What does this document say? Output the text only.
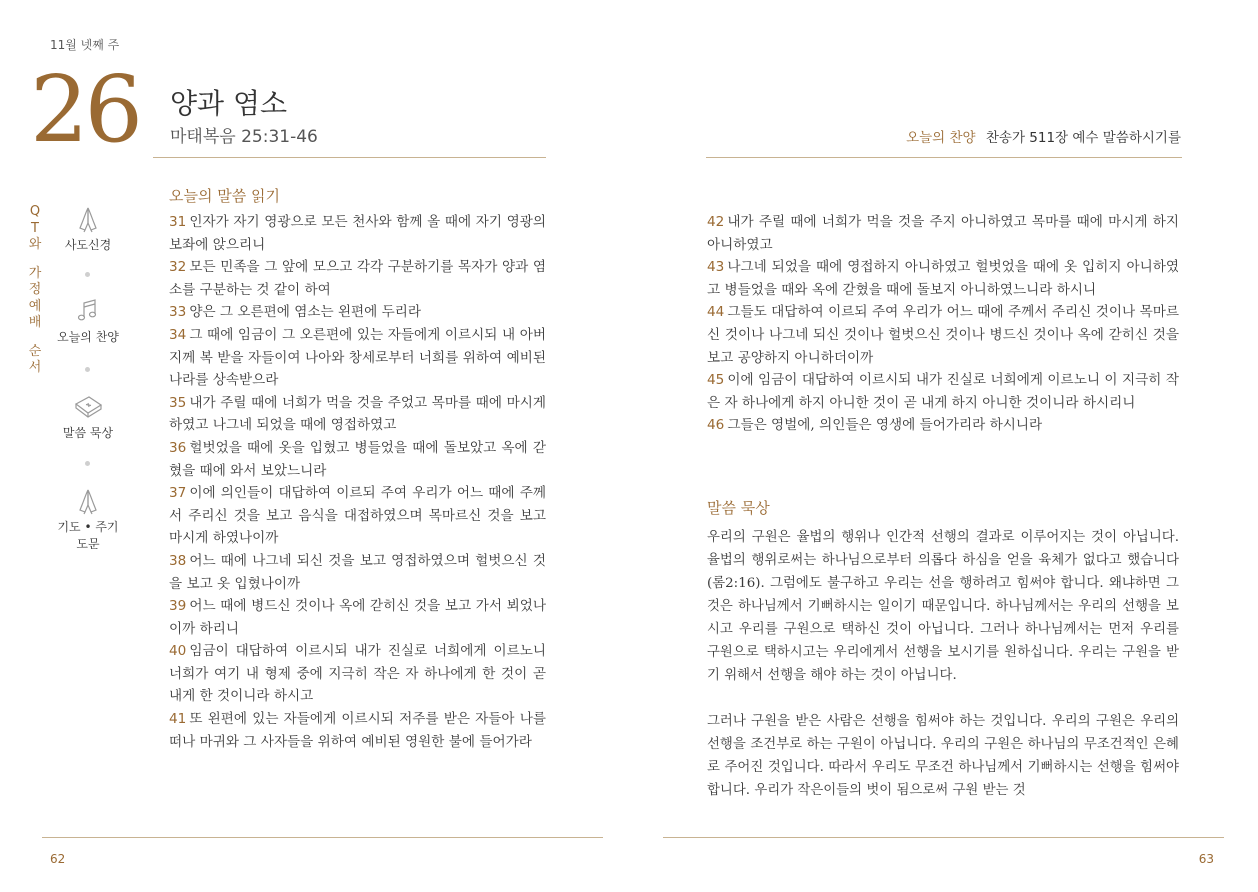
11월 넷째 주
26 양과 염소
마태복음 25:31-46	오늘의 찬양 찬송가 511장 예수 말씀하시기를
Q
T
와
가
정
예
배
순
서
사도신경
오늘의 찬양
말씀 묵상
기도 • 주기도문
오늘의 말씀 읽기

31 인자가 자기 영광으로 모든 천사와 함께 올 때에 자기 영광의 보좌에 앉으리니

32 모든 민족을 그 앞에 모으고 각각 구분하기를 목자가 양과 염소를 구분하는 것 같이 하여

33 양은 그 오른편에 염소는 왼편에 두리라

34 그 때에 임금이 그 오른편에 있는 자들에게 이르시되 내 아버지께 복 받을 자들이여 나아와 창세로부터 너희를 위하여 예비된 나라를 상속받으라

35 내가 주릴 때에 너희가 먹을 것을 주었고 목마를 때에 마시게 하였고 나그네 되었을 때에 영접하였고

36 헐벗었을 때에 옷을 입혔고 병들었을 때에 돌보았고 옥에 갇혔을 때에 와서 보았느니라

37 이에 의인들이 대답하여 이르되 주여 우리가 어느 때에 주께서 주리신 것을 보고 음식을 대접하였으며 목마르신 것을 보고 마시게 하였나이까

38 어느 때에 나그네 되신 것을 보고 영접하였으며 헐벗으신 것을 보고 옷 입혔나이까

39 어느 때에 병드신 것이나 옥에 갇히신 것을 보고 가서 뵈었나이까 하리니

40 임금이 대답하여 이르시되 내가 진실로 너희에게 이르노니 너희가 여기 내 형제 중에 지극히 작은 자 하나에게 한 것이 곧 내게 한 것이니라 하시고

41 또 왼편에 있는 자들에게 이르시되 저주를 받은 자들아 나를 떠나 마귀와 그 사자들을 위하여 예비된 영원한 불에 들어가라

42 내가 주릴 때에 너희가 먹을 것을 주지 아니하였고 목마를 때에 마시게 하지 아니하였고

43 나그네 되었을 때에 영접하지 아니하였고 헐벗었을 때에 옷 입히지 아니하였고 병들었을 때와 옥에 갇혔을 때에 돌보지 아니하였느니라 하시니

44 그들도 대답하여 이르되 주여 우리가 어느 때에 주께서 주리신 것이나 목마르신 것이나 나그네 되신 것이나 헐벗으신 것이나 병드신 것이나 옥에 갇히신 것을 보고 공양하지 아니하더이까

45 이에 임금이 대답하여 이르시되 내가 진실로 너희에게 이르노니 이 지극히 작은 자 하나에게 하지 아니한 것이 곧 내게 하지 아니한 것이니라 하시리니

46 그들은 영벌에, 의인들은 영생에 들어가리라 하시니라

말씀 묵상

우리의 구원은 율법의 행위나 인간적 선행의 결과로 이루어지는 것이 아닙니다. 율법의 행위로써는 하나님으로부터 의롭다 하심을 얻을 육체가 없다고 했습니다(롬2:16). 그럼에도 불구하고 우리는 선을 행하려고 힘써야 합니다. 왜냐하면 그것은 하나님께서 기뻐하시는 일이기 때문입니다. 하나님께서는 우리의 선행을 보시고 우리를 구원으로 택하신 것이 아닙니다. 그러나 하나님께서는 먼저 우리를 구원으로 택하시고는 우리에게서 선행을 보시기를 원하십니다. 우리는 구원을 받기 위해서 선행을 해야 하는 것이 아닙니다.

그러나 구원을 받은 사람은 선행을 힘써야 하는 것입니다. 우리의 구원은 우리의 선행을 조건부로 하는 구원이 아닙니다. 우리의 구원은 하나님의 무조건적인 은혜로 주어진 것입니다. 따라서 우리도 무조건 하나님께서 기뻐하시는 선행을 힘써야 합니다. 우리가 작은이들의 벗이 됨으로써 구원 받는 것

62	63
